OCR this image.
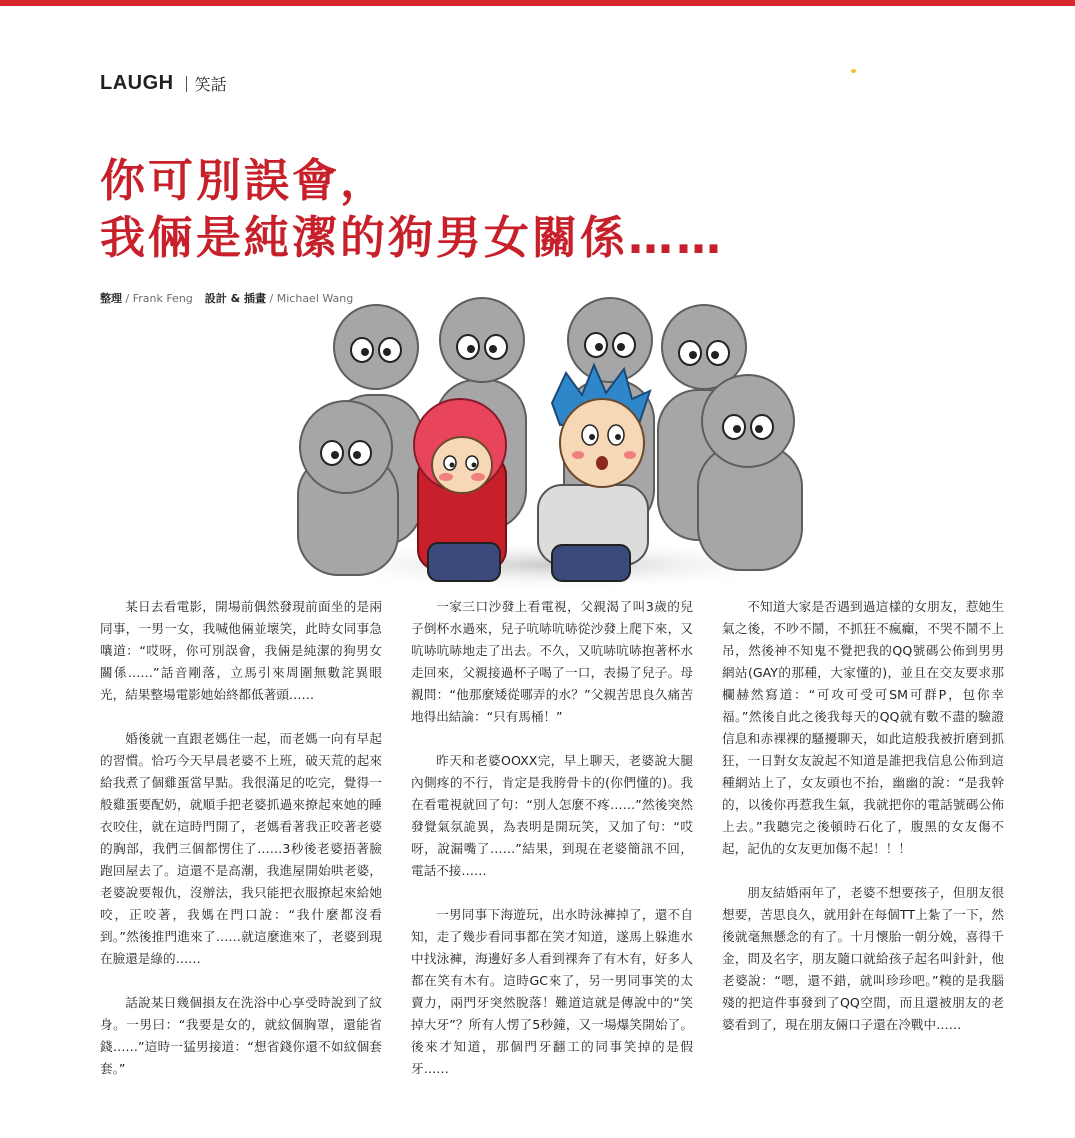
LAUGH 笑話
你可別誤會，
我倆是純潔的狗男女關係……
整理 / Frank Feng 設計 & 插畫 / Michael Wang

某日去看電影，開場前偶然發現前面坐的是兩同事，一男一女，我喊他倆並壞笑，此時女同事急嚷道：“哎呀，你可別誤會，我倆是純潔的狗男女關係……”話音剛落，立馬引來周圍無數詫異眼光，結果整場電影她始終都低著頭……

婚後就一直跟老媽住一起，而老媽一向有早起的習慣。恰巧今天早晨老婆不上班，破天荒的起來給我煮了個雞蛋當早點。我很滿足的吃完，覺得一般雞蛋要配奶，就順手把老婆抓過來撩起來她的睡衣咬住，就在這時門開了，老媽看著我正咬著老婆的胸部，我們三個都愣住了……3秒後老婆捂著臉跑回屋去了。這還不是高潮，我進屋開始哄老婆，老婆說要報仇，沒辦法，我只能把衣服撩起來給她咬，正咬著，我媽在門口說：“我什麼都沒看到。”然後推門進來了……就這麼進來了，老婆到現在臉還是綠的……

話說某日幾個損友在洗浴中心享受時說到了紋身。一男曰：“我要是女的，就紋個胸罩，還能省錢……”這時一猛男接道：“想省錢你還不如紋個套套。”

一家三口沙發上看電視，父親渴了叫3歲的兒子倒杯水過來，兒子吭哧吭哧從沙發上爬下來，又吭哧吭哧地走了出去。不久，又吭哧吭哧抱著杯水走回來，父親接過杯子喝了一口，表揚了兒子。母親問：“他那麼矮從哪弄的水？”父親苦思良久痛苦地得出結論：“只有馬桶！”

昨天和老婆OOXX完，早上聊天，老婆說大腿內側疼的不行，肯定是我胯骨卡的(你們懂的)。我在看電視就回了句：“別人怎麼不疼……”然後突然發覺氣氛詭異，為表明是開玩笑，又加了句：“哎呀，說漏嘴了……”結果，到現在老婆簡訊不回，電話不接……

一男同事下海遊玩，出水時泳褲掉了，還不自知，走了幾步看同事都在笑才知道，遂馬上躲進水中找泳褲，海邊好多人看到裸奔了有木有，好多人都在笑有木有。這時GC來了，另一男同事笑的太賣力，兩門牙突然脫落！難道這就是傳說中的“笑掉大牙”？所有人愣了5秒鐘，又一場爆笑開始了。後來才知道，那個門牙翻工的同事笑掉的是假牙……

不知道大家是否遇到過這樣的女朋友，惹她生氣之後，不吵不鬧，不抓狂不瘋癲，不哭不鬧不上吊，然後神不知鬼不覺把我的QQ號碼公佈到男男網站(GAY的那種，大家懂的)，並且在交友要求那欄赫然寫道：“可攻可受可SM可群P，包你幸福。”然後自此之後我每天的QQ就有數不盡的驗證信息和赤裸裸的騷擾聊天，如此這般我被折磨到抓狂，一日對女友說起不知道是誰把我信息公佈到這種網站上了，女友頭也不抬，幽幽的說：“是我幹的，以後你再惹我生氣，我就把你的電話號碼公佈上去。”我聽完之後頓時石化了，腹黑的女友傷不起，記仇的女友更加傷不起！！！

朋友結婚兩年了，老婆不想要孩子，但朋友很想要，苦思良久，就用針在每個TT上紮了一下，然後就毫無懸念的有了。十月懷胎一朝分娩，喜得千金，問及名字，朋友隨口就給孩子起名叫針針，他老婆說：“嗯，還不錯，就叫珍珍吧。”糗的是我腦殘的把這件事發到了QQ空間，而且還被朋友的老婆看到了，現在朋友倆口子還在冷戰中……
